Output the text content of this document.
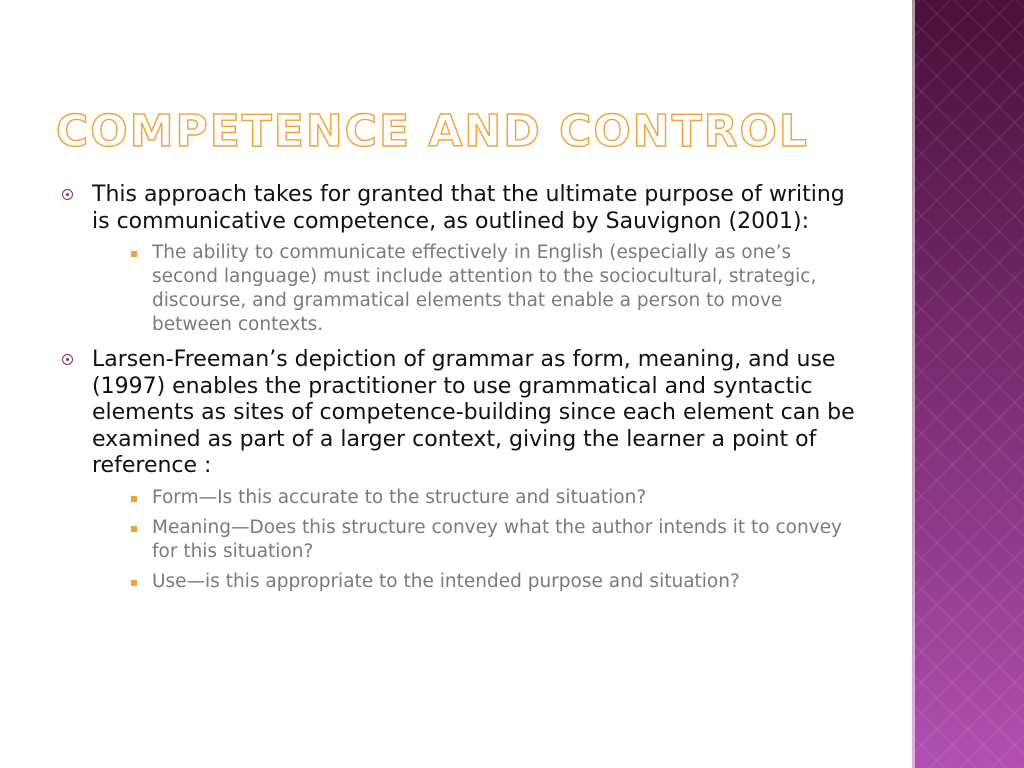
COMPETENCE AND CONTROL
This approach takes for granted that the ultimate purpose of writing is communicative competence, as outlined by Sauvignon (2001):
The ability to communicate effectively in English (especially as one’s second language) must include attention to the sociocultural, strategic, discourse, and grammatical elements that enable a person to move between contexts.
Larsen-Freeman’s depiction of grammar as form, meaning, and use (1997) enables the practitioner to use grammatical and syntactic elements as sites of competence-building since each element can be examined as part of a larger context, giving the learner a point of reference :
Form—Is this accurate to the structure and situation?
Meaning—Does this structure convey what the author intends it to convey for this situation?
Use—is this appropriate to the intended purpose and situation?
